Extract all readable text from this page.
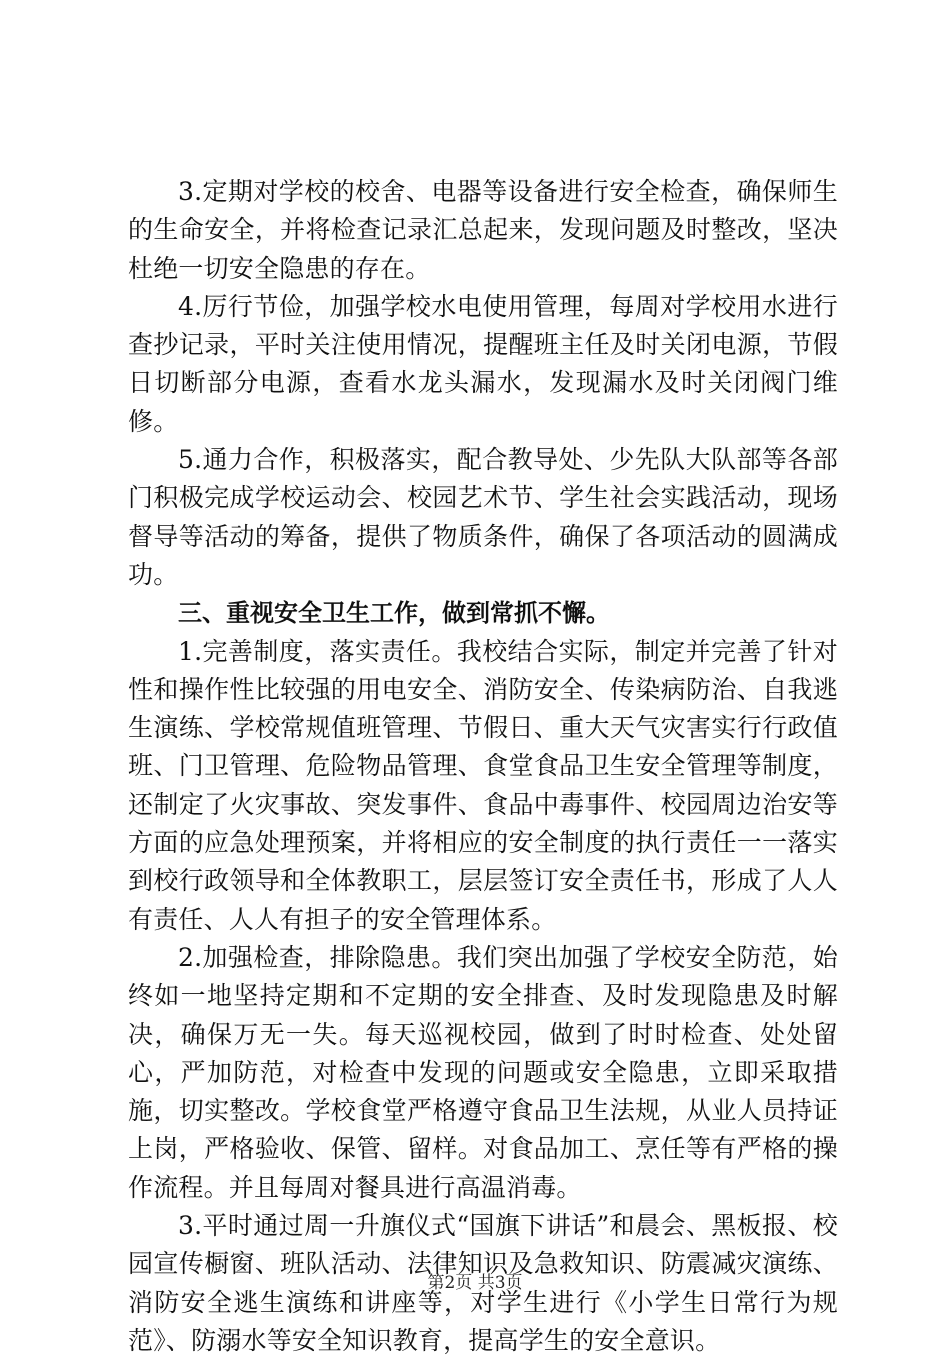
3.定期对学校的校舍、电器等设备进行安全检查，确保师生的生命安全，并将检查记录汇总起来，发现问题及时整改，坚决杜绝一切安全隐患的存在。

4.厉行节俭，加强学校水电使用管理，每周对学校用水进行查抄记录，平时关注使用情况，提醒班主任及时关闭电源，节假日切断部分电源，查看水龙头漏水，发现漏水及时关闭阀门维修。

5.通力合作，积极落实，配合教导处、少先队大队部等各部门积极完成学校运动会、校园艺术节、学生社会实践活动，现场督导等活动的筹备，提供了物质条件，确保了各项活动的圆满成功。

三、重视安全卫生工作，做到常抓不懈。

1.完善制度，落实责任。我校结合实际，制定并完善了针对性和操作性比较强的用电安全、消防安全、传染病防治、自我逃生演练、学校常规值班管理、节假日、重大天气灾害实行行政值班、门卫管理、危险物品管理、食堂食品卫生安全管理等制度，还制定了火灾事故、突发事件、食品中毒事件、校园周边治安等方面的应急处理预案，并将相应的安全制度的执行责任一一落实到校行政领导和全体教职工，层层签订安全责任书，形成了人人有责任、人人有担子的安全管理体系。

2.加强检查，排除隐患。我们突出加强了学校安全防范，始终如一地坚持定期和不定期的安全排查、及时发现隐患及时解决，确保万无一失。每天巡视校园，做到了时时检查、处处留心，严加防范，对检查中发现的问题或安全隐患，立即采取措施，切实整改。学校食堂严格遵守食品卫生法规，从业人员持证上岗，严格验收、保管、留样。对食品加工、烹任等有严格的操作流程。并且每周对餐具进行高温消毒。

3.平时通过周一升旗仪式“国旗下讲话”和晨会、黑板报、校园宣传橱窗、班队活动、法律知识及急救知识、防震减灾演练、消防安全逃生演练和讲座等，对学生进行《小学生日常行为规范》、防溺水等安全知识教育，提高学生的安全意识。

第2页 共3页
